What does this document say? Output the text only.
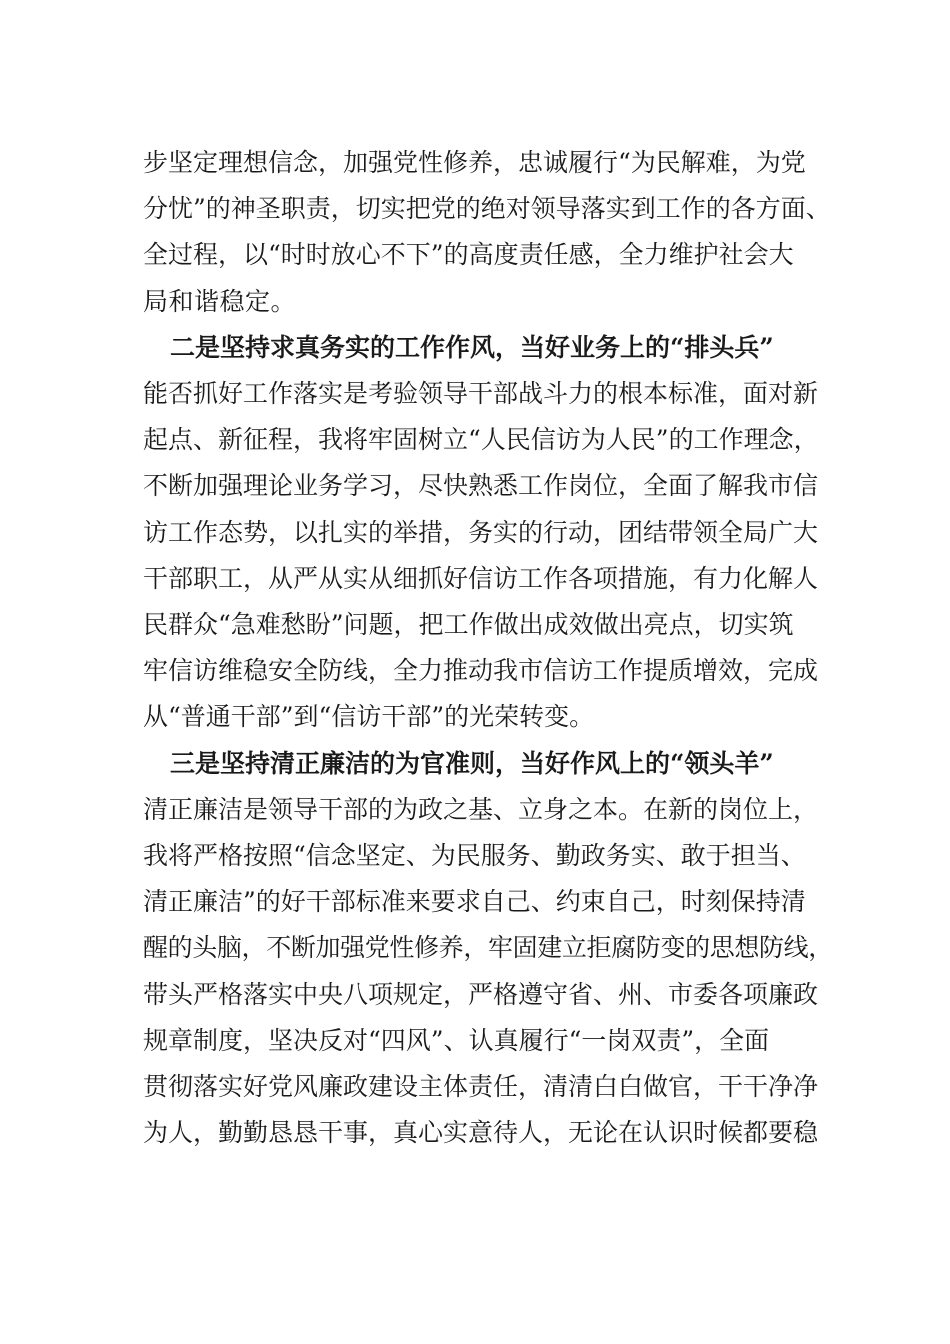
步坚定理想信念，加强党性修养，忠诚履行“为民解难，为党
分忧”的神圣职责，切实把党的绝对领导落实到工作的各方面、
全过程，以“时时放心不下”的高度责任感，全力维护社会大
局和谐稳定。
二是坚持求真务实的工作作风，当好业务上的“排头兵”
能否抓好工作落实是考验领导干部战斗力的根本标准，面对新
起点、新征程，我将牢固树立“人民信访为人民”的工作理念，
不断加强理论业务学习，尽快熟悉工作岗位，全面了解我市信
访工作态势，以扎实的举措，务实的行动，团结带领全局广大
干部职工，从严从实从细抓好信访工作各项措施，有力化解人
民群众“急难愁盼”问题，把工作做出成效做出亮点，切实筑
牢信访维稳安全防线，全力推动我市信访工作提质增效，完成
从“普通干部”到“信访干部”的光荣转变。
三是坚持清正廉洁的为官准则，当好作风上的“领头羊”
清正廉洁是领导干部的为政之基、立身之本。在新的岗位上，
我将严格按照“信念坚定、为民服务、勤政务实、敢于担当、
清正廉洁”的好干部标准来要求自己、约束自己，时刻保持清
醒的头脑，不断加强党性修养，牢固建立拒腐防变的思想防线，
带头严格落实中央八项规定，严格遵守省、州、市委各项廉政
规章制度，坚决反对“四风”、认真履行“一岗双责”，全面
贯彻落实好党风廉政建设主体责任，清清白白做官，干干净净
为人，勤勤恳恳干事，真心实意待人，无论在认识时候都要稳
